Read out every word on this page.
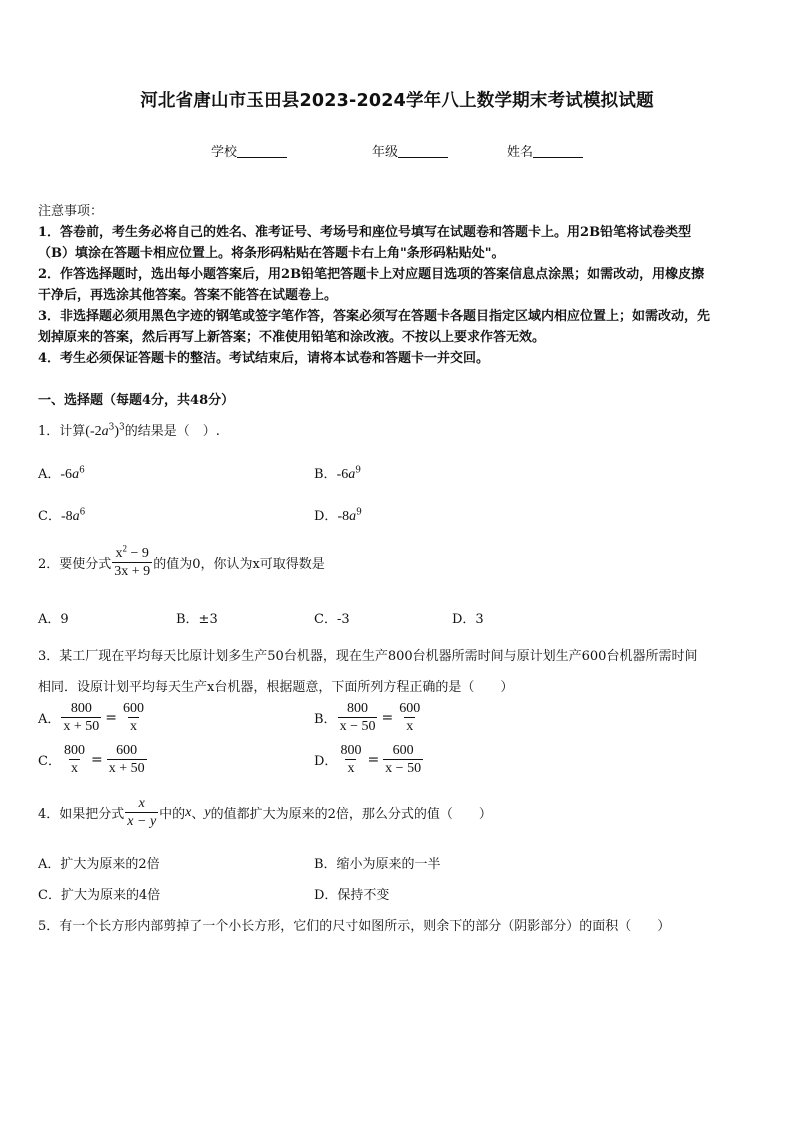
河北省唐山市玉田县2023-2024学年八上数学期末考试模拟试题
学校	年级	姓名
注意事项：
1．答卷前，考生务必将自己的姓名、准考证号、考场号和座位号填写在试题卷和答题卡上。用2B铅笔将试卷类型
（B）填涂在答题卡相应位置上。将条形码粘贴在答题卡右上角"条形码粘贴处"。
2．作答选择题时，选出每小题答案后，用2B铅笔把答题卡上对应题目选项的答案信息点涂黑；如需改动，用橡皮擦
干净后，再选涂其他答案。答案不能答在试题卷上。
3．非选择题必须用黑色字迹的钢笔或签字笔作答，答案必须写在答题卡各题目指定区域内相应位置上；如需改动，先
划掉原来的答案，然后再写上新答案；不准使用铅笔和涂改液。不按以上要求作答无效。
4．考生必须保证答题卡的整洁。考试结束后，请将本试卷和答题卡一并交回。
一、选择题（每题4分，共48分）
1．计算$(-2a^3)^3$的结果是（　）.
A．$-6a^6$	B．$-6a^9$
C．$-8a^6$	D．$-8a^9$
2．要使分式 $\frac{x^2 - 9}{3x + 9}$ 的值为0，你认为x可取得数是
A．9	B．±3	C．-3	D．3
3．某工厂现在平均每天比原计划多生产50台机器，现在生产800台机器所需时间与原计划生产600台机器所需时间
相同．设原计划平均每天生产x台机器，根据题意，下面所列方程正确的是（　　）
A． $\frac{800}{x + 50} = \frac{600}{x}$	B． $\frac{800}{x - 50} = \frac{600}{x}$
C． $\frac{800}{x} = \frac{600}{x + 50}$	D． $\frac{800}{x} = \frac{600}{x - 50}$
4．如果把分式 $\frac{x}{x - y}$ 中的 x 、 y 的值都扩大为原来的2倍，那么分式的值（　　）
A．扩大为原来的2倍	B．缩小为原来的一半
C．扩大为原来的4倍	D．保持不变
5．有一个长方形内部剪掉了一个小长方形，它们的尺寸如图所示，则余下的部分（阴影部分）的面积（　　）
